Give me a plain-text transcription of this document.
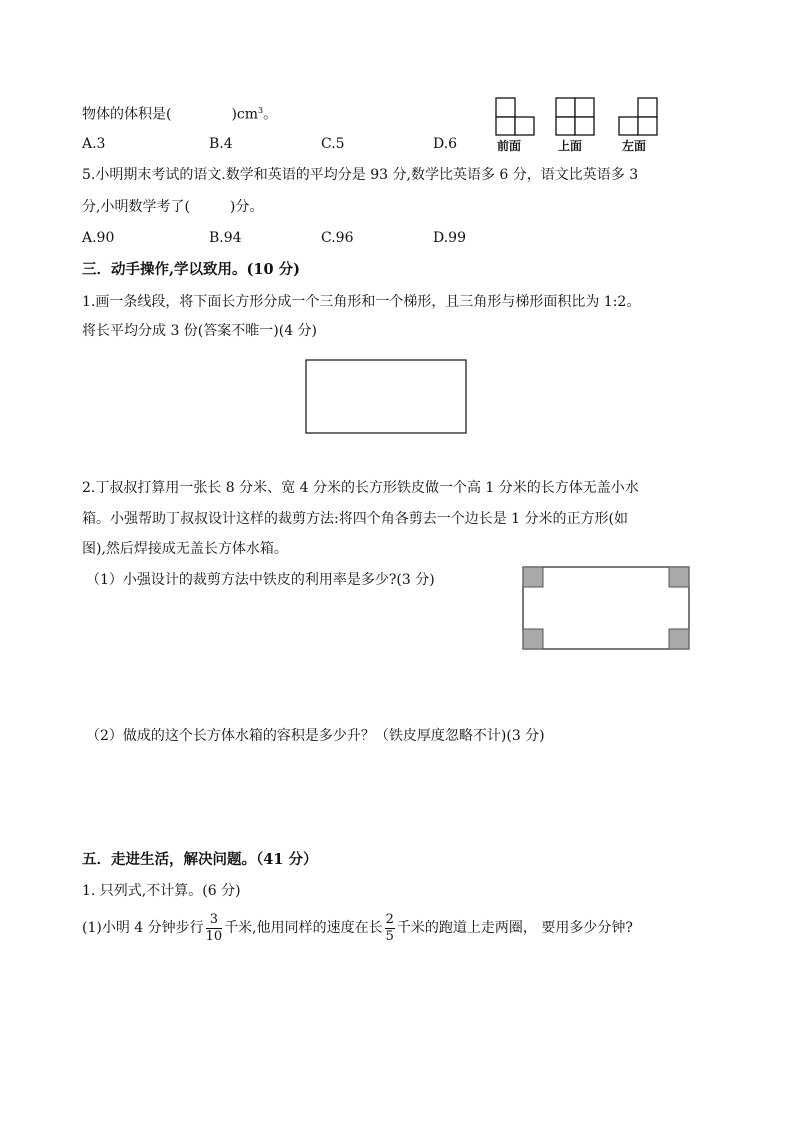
物体的体积是(	)$cm^3$。
A.3	B.4	C.5	D.6	前面	上面	左面
5.小明期末考试的语文.数学和英语的平均分是 93 分,数学比英语多 6 分，语文比英语多 3
分,小明数学考了(	)分。
A.90	B.94	C.96	D.99
三．动手操作,学以致用。(10 分)
1.画一条线段，将下面长方形分成一个三角形和一个梯形，且三角形与梯形面积比为 1:2。
将长平均分成 3 份(答案不唯一)(4 分)
2.丁叔叔打算用一张长 8 分米、宽 4 分米的长方形铁皮做一个高 1 分米的长方体无盖小水
箱。小强帮助丁叔叔设计这样的裁剪方法:将四个角各剪去一个边长是 1 分米的正方形(如
图),然后焊接成无盖长方体水箱。
（1）小强设计的裁剪方法中铁皮的利用率是多少?(3 分)
（2）做成的这个长方体水箱的容积是多少升？（铁皮厚度忽略不计)(3 分)
五．走进生活，解决问题。（41 分）
1. 只列式,不计算。(6 分)
(1)小明 4 分钟步行 $\frac{3}{10}$ 千米,他用同样的速度在长 $\frac{2}{5}$ 千米的跑道上走两圈， 要用多少分钟?
